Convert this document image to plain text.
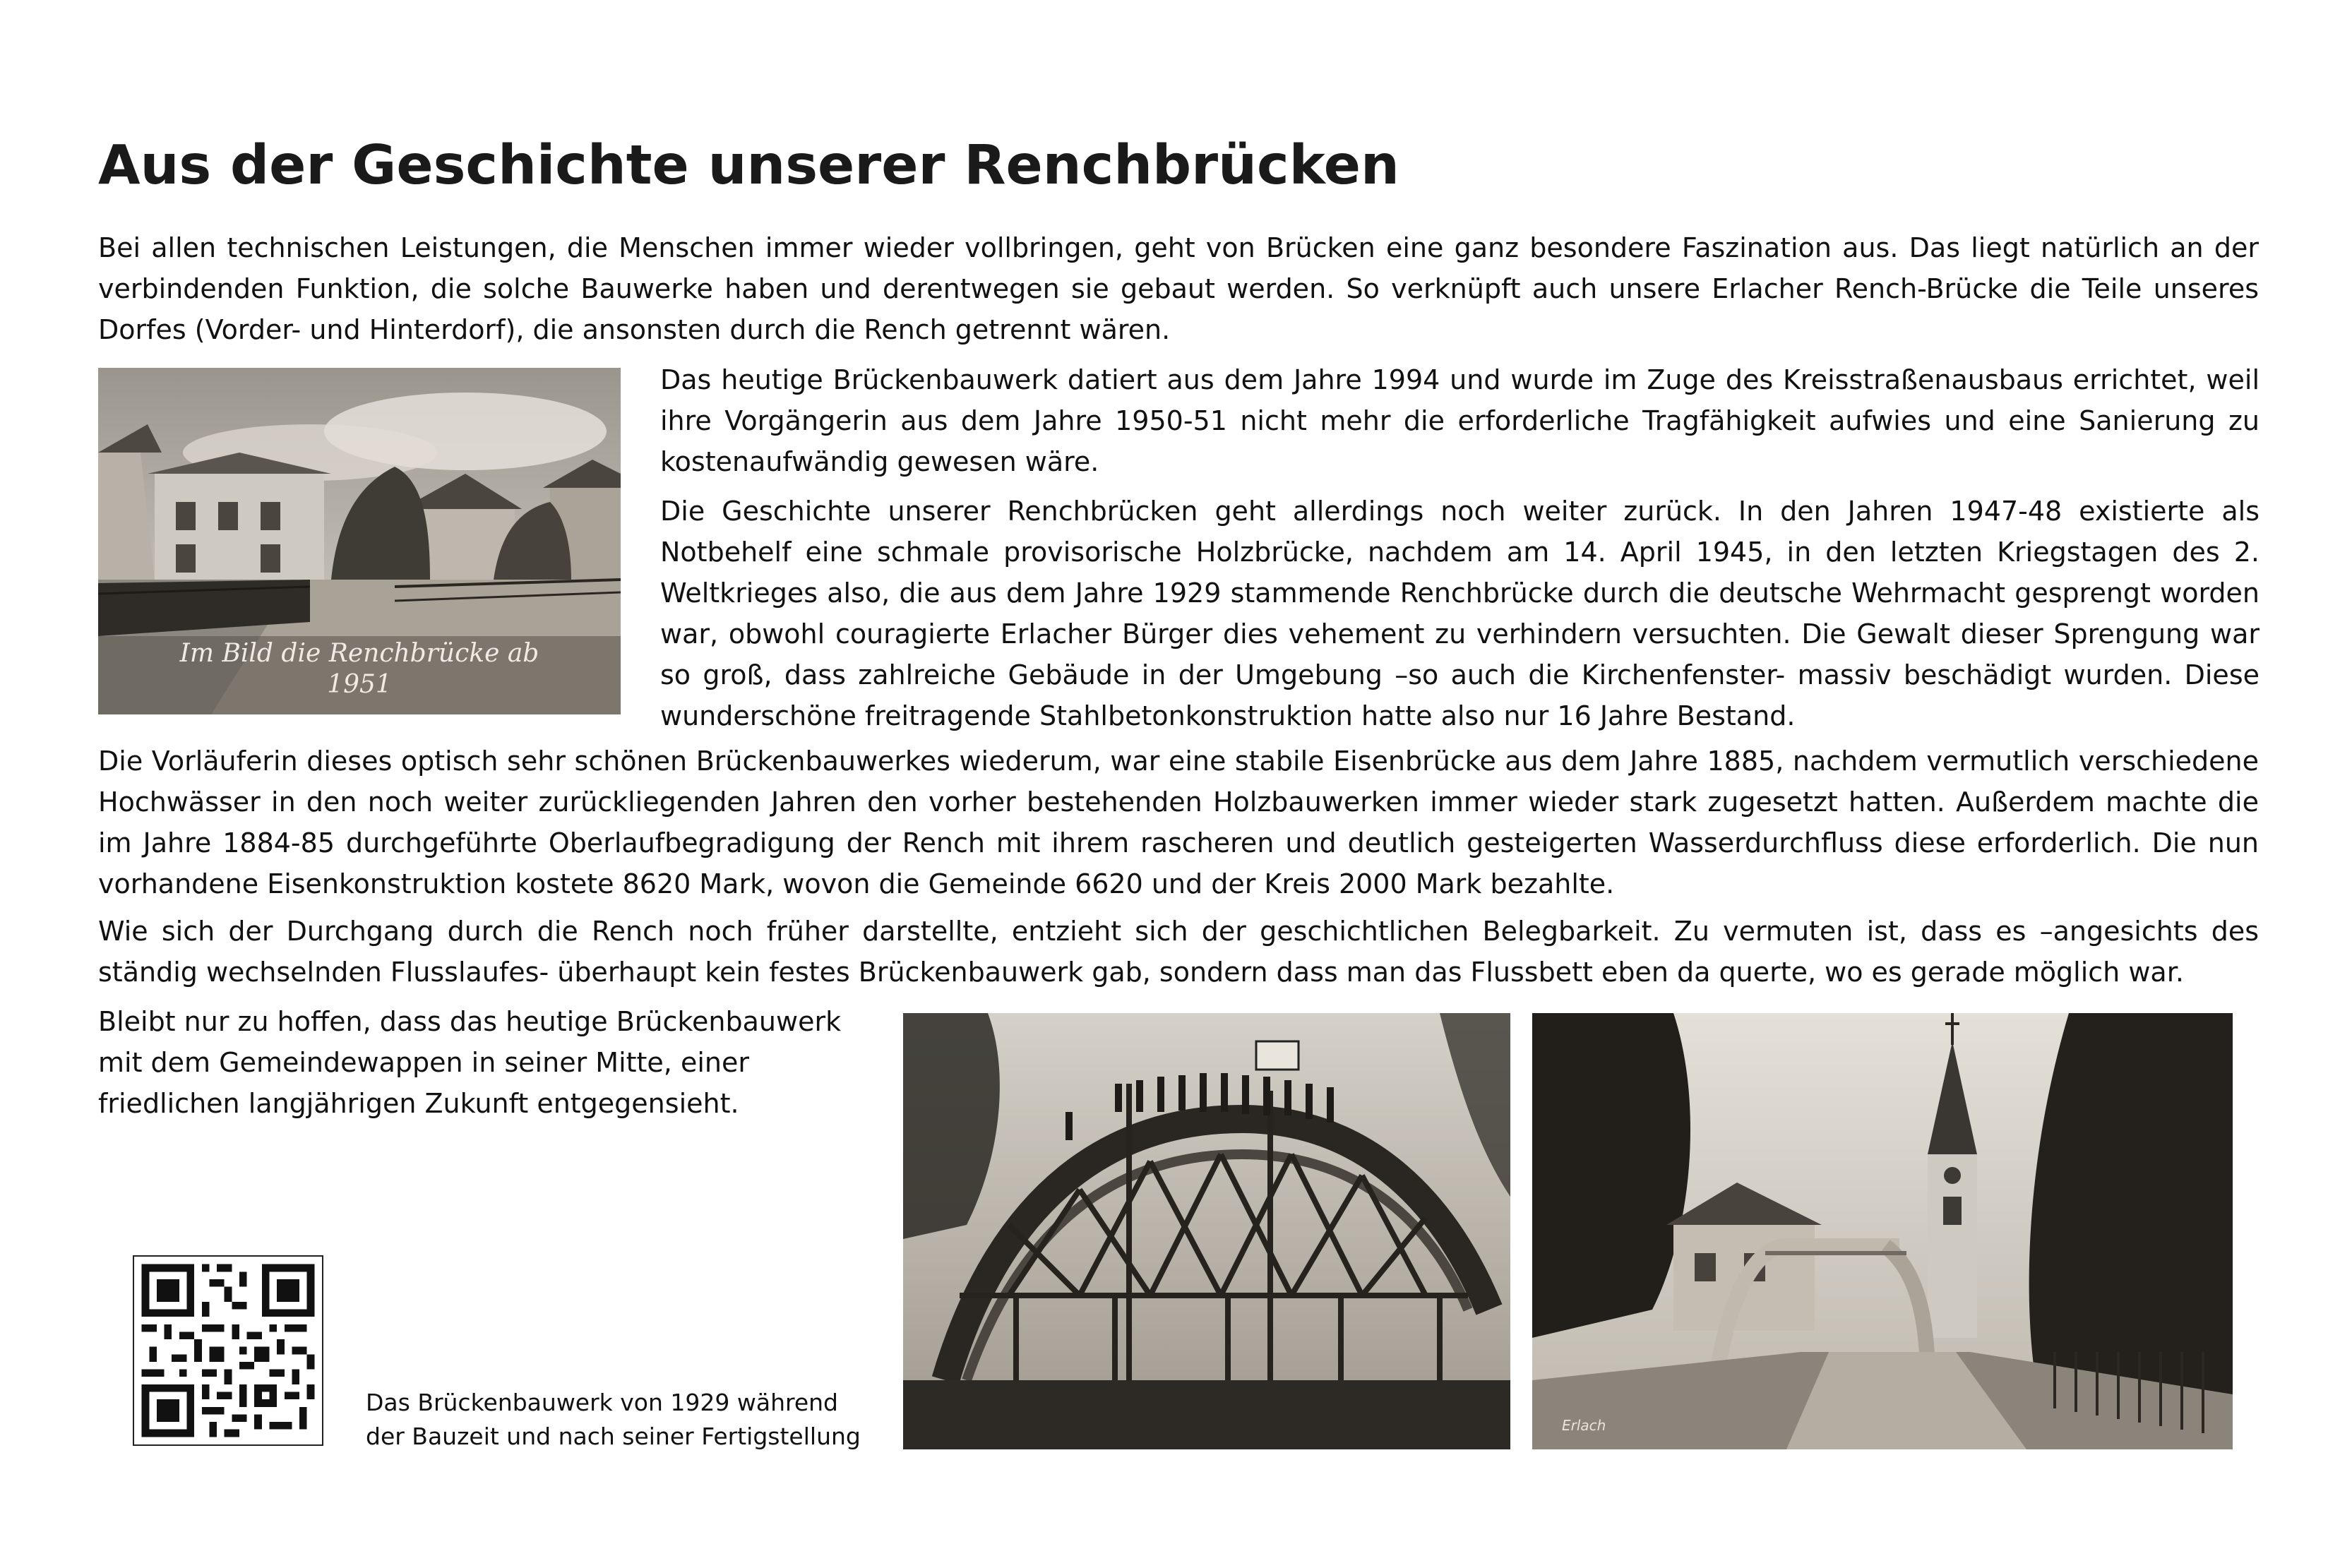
Aus der Geschichte unserer Renchbrücken

Bei allen technischen Leistungen, die Menschen immer wieder vollbringen, geht von Brücken eine ganz besondere Faszination aus. Das liegt natürlich an der verbindenden Funktion, die solche Bauwerke haben und derentwegen sie gebaut werden. So verknüpft auch unsere Erlacher Rench-Brücke die Teile unseres Dorfes (Vorder- und Hinterdorf), die ansonsten durch die Rench getrennt wären.

Im Bild die Renchbrücke ab
1951

Das heutige Brückenbauwerk datiert aus dem Jahre 1994 und wurde im Zuge des Kreisstraßenausbaus errichtet, weil ihre Vorgängerin aus dem Jahre 1950-51 nicht mehr die erforderliche Tragfähigkeit aufwies und eine Sanierung zu kostenaufwändig gewesen wäre.

Die Geschichte unserer Renchbrücken geht allerdings noch weiter zurück. In den Jahren 1947-48 existierte als Notbehelf eine schmale provisorische Holzbrücke, nachdem am 14. April 1945, in den letzten Kriegstagen des 2. Weltkrieges also, die aus dem Jahre 1929 stammende Renchbrücke durch die deutsche Wehrmacht gesprengt worden war, obwohl couragierte Erlacher Bürger dies vehement zu verhindern versuchten. Die Gewalt dieser Sprengung war so groß, dass zahlreiche Gebäude in der Umgebung –so auch die Kirchenfenster- massiv beschädigt wurden. Diese wunderschöne freitragende Stahlbetonkonstruktion hatte also nur 16 Jahre Bestand.

Die Vorläuferin dieses optisch sehr schönen Brückenbauwerkes wiederum, war eine stabile Eisenbrücke aus dem Jahre 1885, nachdem vermutlich verschiedene Hochwässer in den noch weiter zurückliegenden Jahren den vorher bestehenden Holzbauwerken immer wieder stark zugesetzt hatten. Außerdem machte die im Jahre 1884-85 durchgeführte Oberlaufbegradigung der Rench mit ihrem rascheren und deutlich gesteigerten Wasserdurchfluss diese erforderlich. Die nun vorhandene Eisenkonstruktion kostete 8620 Mark, wovon die Gemeinde 6620 und der Kreis 2000 Mark bezahlte.

Wie sich der Durchgang durch die Rench noch früher darstellte, entzieht sich der geschichtlichen Belegbarkeit. Zu vermuten ist, dass es –angesichts des ständig wechselnden Flusslaufes- überhaupt kein festes Brückenbauwerk gab, sondern dass man das Flussbett eben da querte, wo es gerade möglich war.

Bleibt nur zu hoffen, dass das heutige Brückenbauwerk mit dem Gemeindewappen in seiner Mitte, einer friedlichen langjährigen Zukunft entgegensieht.

Das Brückenbauwerk von 1929 während
der Bauzeit und nach seiner Fertigstellung	Erlach
